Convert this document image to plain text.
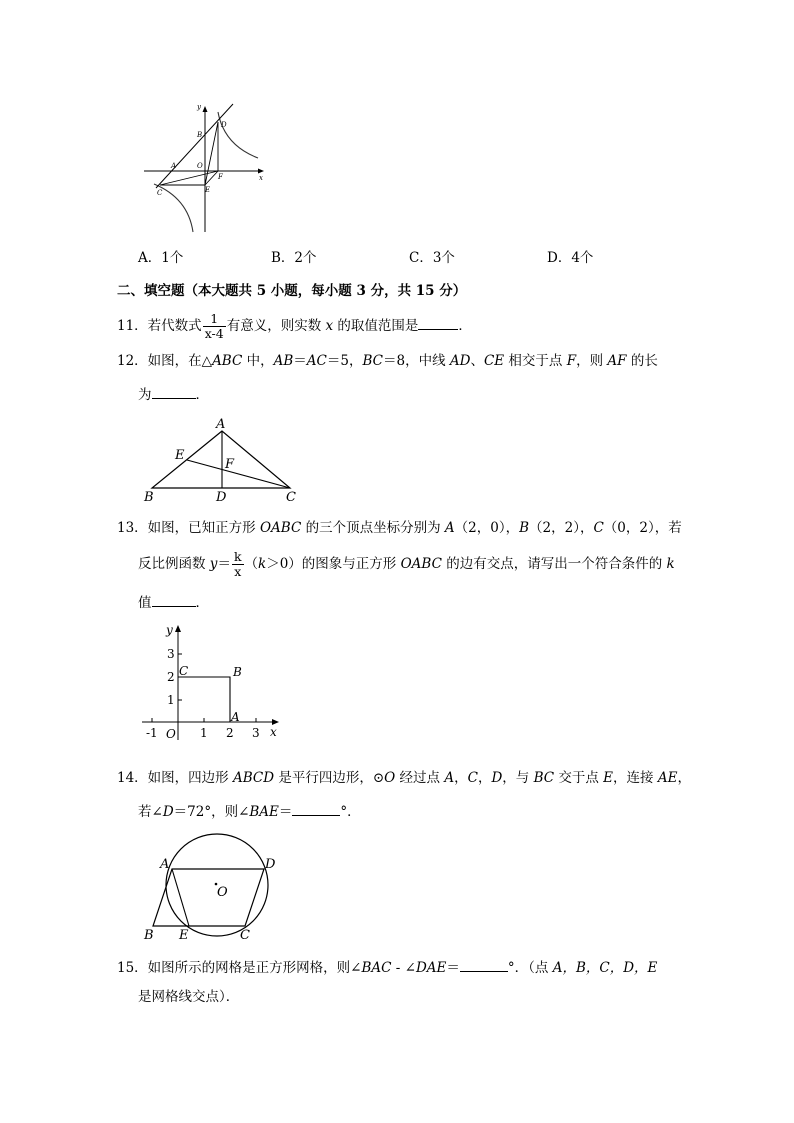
y
x
B
D
A	O
F
C	E
A．1个	B．2个	C．3个	D．4个
二、填空题（本大题共 5 小题，每小题 3 分，共 15 分）
11．若代数式 $\frac{1}{x-4}$ 有意义，则实数 x 的取值范围是	．
12．如图，在△ABC 中，AB＝AC＝5，BC＝8，中线 AD、CE 相交于点 F，则 AF 的长
为	．
A
E
F
B	D	C
13．如图，已知正方形 OABC 的三个顶点坐标分别为 A（2，0），B（2，2），C（0，2），若
反比例函数 $y= \frac{k}{x} (k>0)$的图象与正方形 OABC 的边有交点，请写出一个符合条件的 k
值	．
y
3
2
1
C	B
A
-1 O 1 2 3 x
14．如图，四边形 ABCD 是平行四边形，⊙O 经过点 A，C，D，与 BC 交于点 E，连接 AE，
若∠D＝72°，则∠BAE＝	°．
A	D
O
B E	C
15．如图所示的网格是正方形网格，则∠BAC - ∠DAE＝	°．（点 A，B，C，D，E
是网格线交点）．
